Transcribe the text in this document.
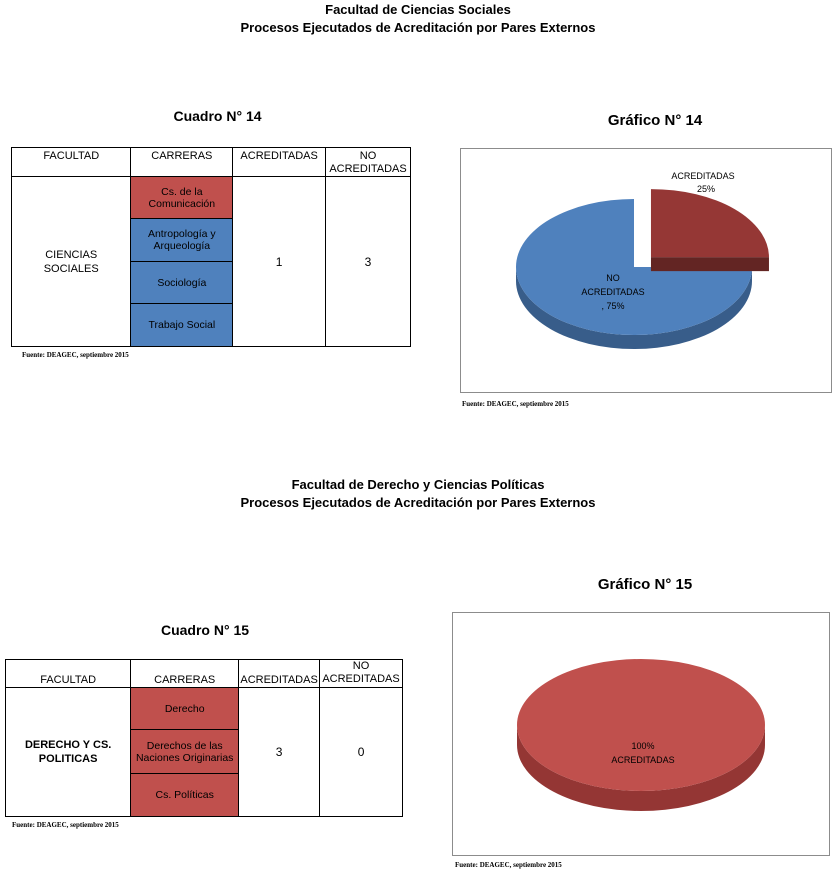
Facultad de Ciencias Sociales
Procesos Ejecutados de Acreditación por Pares Externos
Cuadro N° 14
FACULTAD	CARRERAS	ACREDITADAS	NO ACREDITADAS
CIENCIAS SOCIALES	Cs. de la Comunicación	1	3
	Antropología y Arqueología		
	Sociología		
	Trabajo Social		
Fuente: DEAGEC, septiembre 2015
Gráfico N° 14
ACREDITADAS
25%
NO
ACREDITADAS
, 75%
Fuente: DEAGEC, septiembre 2015
Facultad de Derecho y Ciencias Políticas
Procesos Ejecutados de Acreditación por Pares Externos
Cuadro N° 15
FACULTAD	CARRERAS	ACREDITADAS	NO ACREDITADAS
DERECHO Y CS. POLITICAS	Derecho	3	0
	Derechos de las Naciones Originarias		
	Cs. Políticas		
Fuente: DEAGEC, septiembre 2015
Gráfico N° 15
100%
ACREDITADAS
Fuente: DEAGEC, septiembre 2015
